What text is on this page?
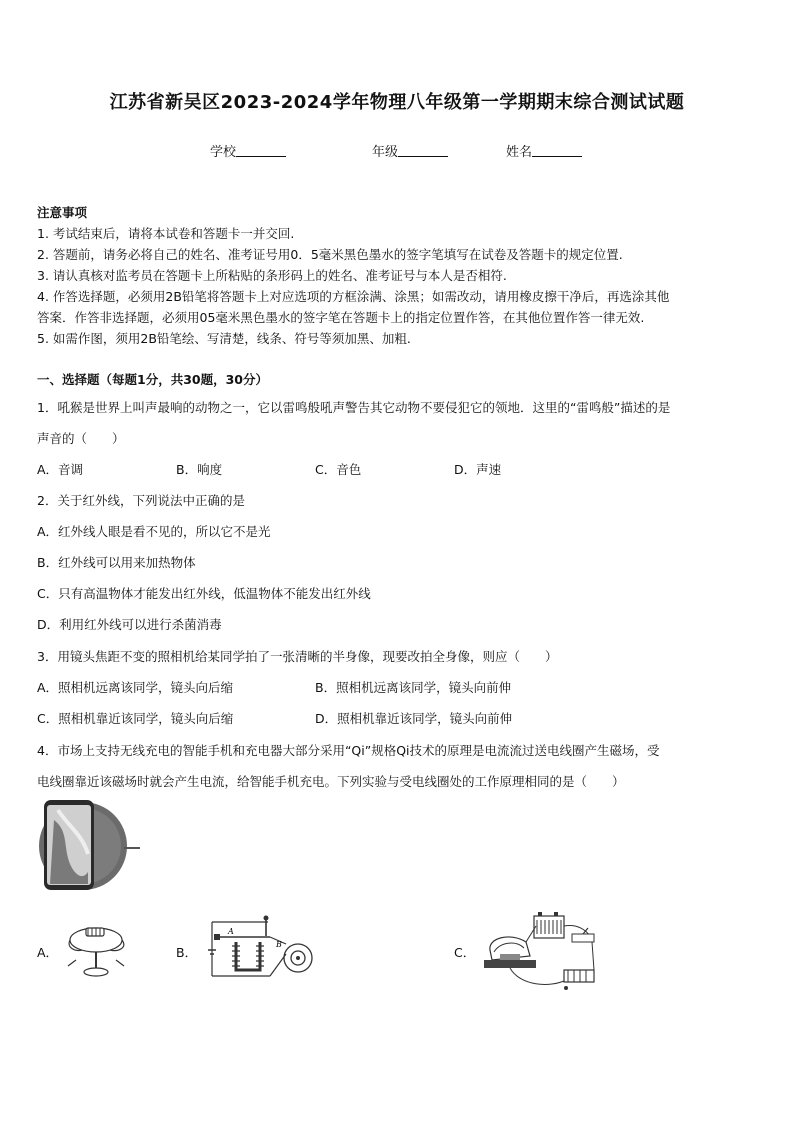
江苏省新吴区2023-2024学年物理八年级第一学期期末综合测试试题
学校	年级	姓名
注意事项
1. 考试结束后，请将本试卷和答题卡一并交回.
2. 答题前，请务必将自己的姓名、准考证号用0．5毫米黑色墨水的签字笔填写在试卷及答题卡的规定位置.
3. 请认真核对监考员在答题卡上所粘贴的条形码上的姓名、准考证号与本人是否相符.
4. 作答选择题，必须用2B铅笔将答题卡上对应选项的方框涂满、涂黑；如需改动，请用橡皮擦干净后，再选涂其他
答案．作答非选择题，必须用05毫米黑色墨水的签字笔在答题卡上的指定位置作答，在其他位置作答一律无效.
5. 如需作图，须用2B铅笔绘、写清楚，线条、符号等须加黑、加粗.
一、选择题（每题1分，共30题，30分）
1．吼猴是世界上叫声最响的动物之一，它以雷鸣般吼声警告其它动物不要侵犯它的领地．这里的“雷鸣般”描述的是
声音的（　　）
A．音调	B．响度	C．音色	D．声速
2．关于红外线，下列说法中正确的是
A．红外线人眼是看不见的，所以它不是光
B．红外线可以用来加热物体
C．只有高温物体才能发出红外线，低温物体不能发出红外线
D．利用红外线可以进行杀菌消毒
3．用镜头焦距不变的照相机给某同学拍了一张清晰的半身像，现要改拍全身像，则应（　　）
A．照相机远离该同学，镜头向后缩	B．照相机远离该同学，镜头向前伸
C．照相机靠近该同学，镜头向后缩	D．照相机靠近该同学，镜头向前伸
4．市场上支持无线充电的智能手机和充电器大部分采用“Qi”规格Qi技术的原理是电流流过送电线圈产生磁场，受
电线圈靠近该磁场时就会产生电流，给智能手机充电。下列实验与受电线圈处的工作原理相同的是（　　）
A．	B．
A
B
C．
